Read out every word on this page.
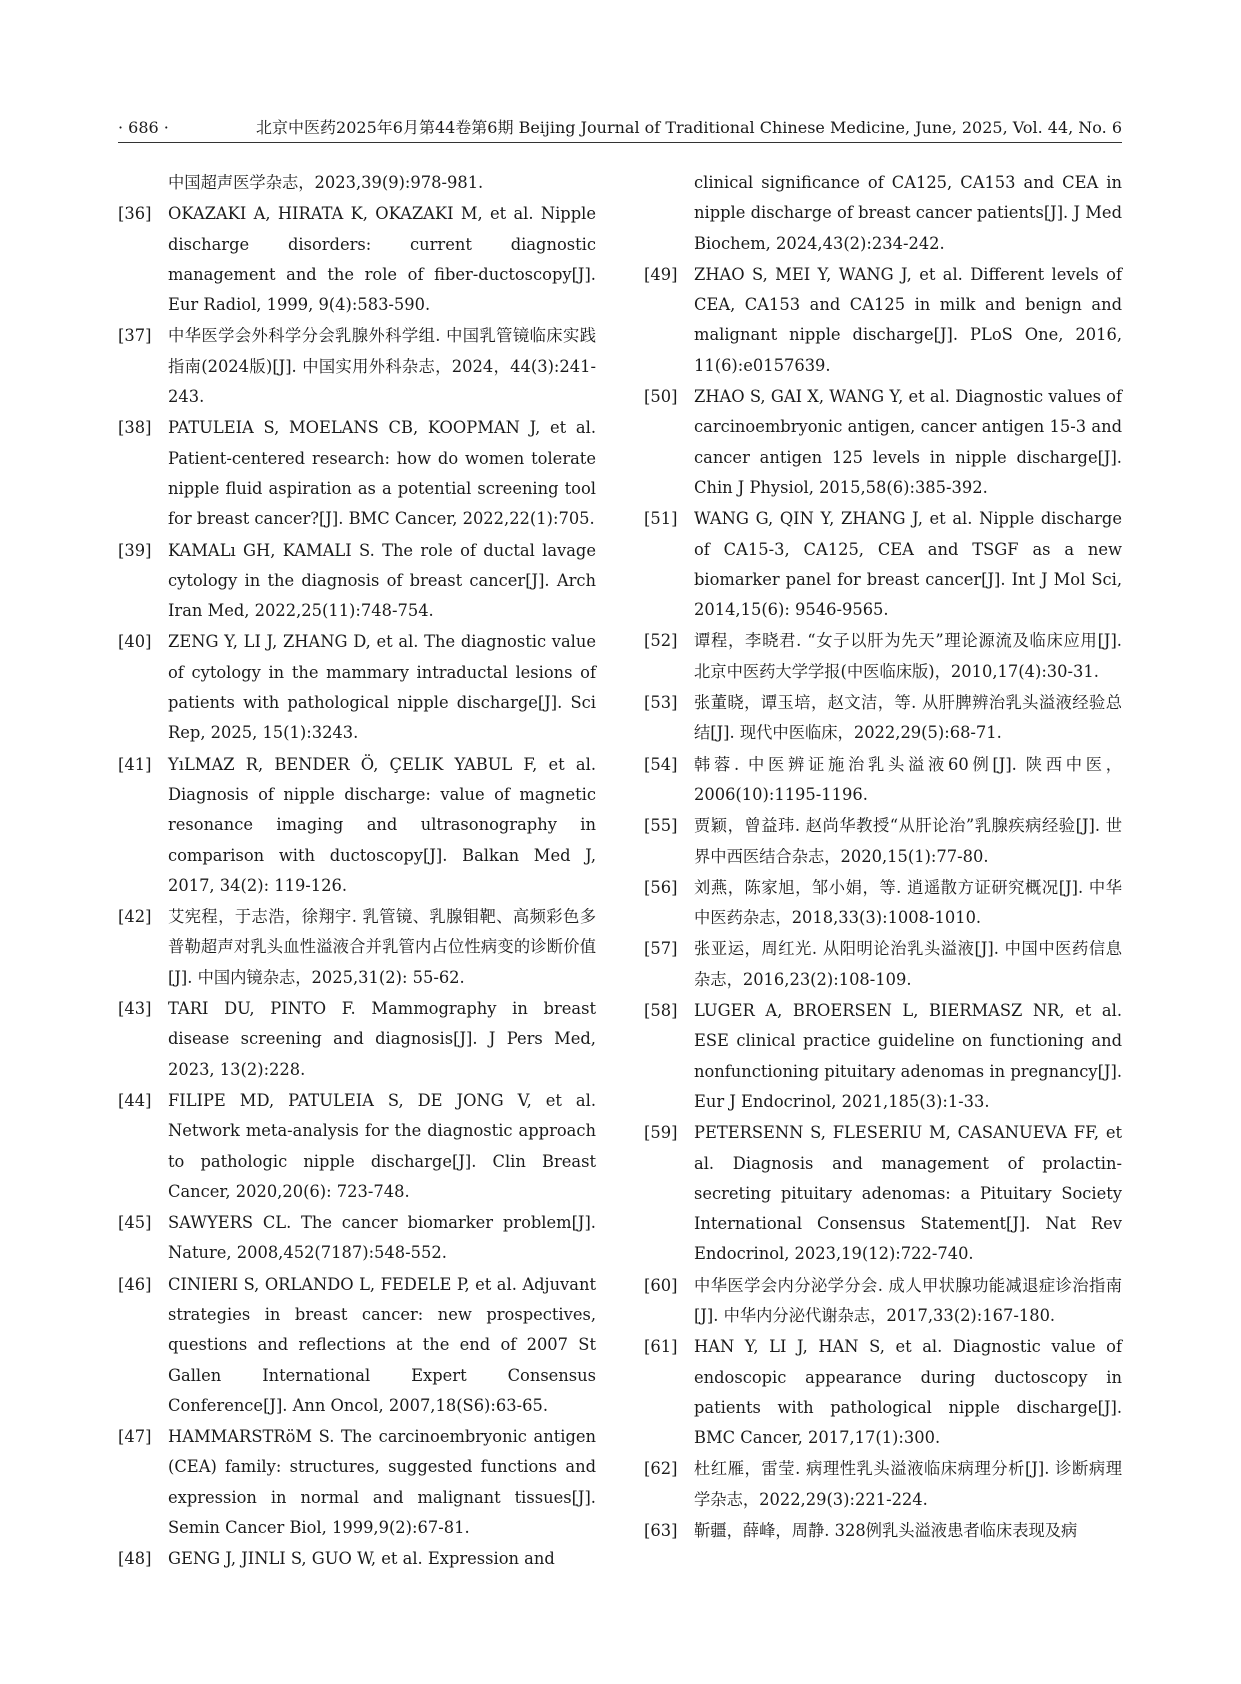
· 686 ·	北京中医药2025年6月第44卷第6期 Beijing Journal of Traditional Chinese Medicine, June, 2025, Vol. 44, No. 6
中国超声医学杂志，2023,39(9):978-981.
[36] OKAZAKI A, HIRATA K, OKAZAKI M, et al. Nipple discharge disorders: current diagnostic management and the role of fiber-ductoscopy[J]. Eur Radiol, 1999, 9(4):583-590.
[37] 中华医学会外科学分会乳腺外科学组. 中国乳管镜临床实践指南(2024版)[J]. 中国实用外科杂志，2024，44(3):241-243.
[38] PATULEIA S, MOELANS CB, KOOPMAN J, et al. Patient-centered research: how do women tolerate nipple fluid aspiration as a potential screening tool for breast cancer?[J]. BMC Cancer, 2022,22(1):705.
[39] KAMALı GH, KAMALI S. The role of ductal lavage cytology in the diagnosis of breast cancer[J]. Arch Iran Med, 2022,25(11):748-754.
[40] ZENG Y, LI J, ZHANG D, et al. The diagnostic value of cytology in the mammary intraductal lesions of patients with pathological nipple discharge[J]. Sci Rep, 2025, 15(1):3243.
[41] YıLMAZ R, BENDER Ö, ÇELIK YABUL F, et al. Diagnosis of nipple discharge: value of magnetic resonance imaging and ultrasonography in comparison with ductoscopy[J]. Balkan Med J, 2017, 34(2): 119-126.
[42] 艾宪程，于志浩，徐翔宇. 乳管镜、乳腺钼靶、高频彩色多普勒超声对乳头血性溢液合并乳管内占位性病变的诊断价值[J]. 中国内镜杂志，2025,31(2): 55-62.
[43] TARI DU, PINTO F. Mammography in breast disease screening and diagnosis[J]. J Pers Med, 2023, 13(2):228.
[44] FILIPE MD, PATULEIA S, DE JONG V, et al. Network meta-analysis for the diagnostic approach to pathologic nipple discharge[J]. Clin Breast Cancer, 2020,20(6): 723-748.
[45] SAWYERS CL. The cancer biomarker problem[J]. Nature, 2008,452(7187):548-552.
[46] CINIERI S, ORLANDO L, FEDELE P, et al. Adjuvant strategies in breast cancer: new prospectives, questions and reflections at the end of 2007 St Gallen International Expert Consensus Conference[J]. Ann Oncol, 2007,18(S6):63-65.
[47] HAMMARSTRöM S. The carcinoembryonic antigen (CEA) family: structures, suggested functions and expression in normal and malignant tissues[J]. Semin Cancer Biol, 1999,9(2):67-81.
[48] GENG J, JINLI S, GUO W, et al. Expression and
clinical significance of CA125, CA153 and CEA in nipple discharge of breast cancer patients[J]. J Med Biochem, 2024,43(2):234-242.
[49] ZHAO S, MEI Y, WANG J, et al. Different levels of CEA, CA153 and CA125 in milk and benign and malignant nipple discharge[J]. PLoS One, 2016, 11(6):e0157639.
[50] ZHAO S, GAI X, WANG Y, et al. Diagnostic values of carcinoembryonic antigen, cancer antigen 15-3 and cancer antigen 125 levels in nipple discharge[J]. Chin J Physiol, 2015,58(6):385-392.
[51] WANG G, QIN Y, ZHANG J, et al. Nipple discharge of CA15-3, CA125, CEA and TSGF as a new biomarker panel for breast cancer[J]. Int J Mol Sci, 2014,15(6): 9546-9565.
[52] 谭程，李晓君. “女子以肝为先天”理论源流及临床应用[J]. 北京中医药大学学报(中医临床版)，2010,17(4):30-31.
[53] 张董晓，谭玉培，赵文洁，等. 从肝脾辨治乳头溢液经验总结[J]. 现代中医临床，2022,29(5):68-71.
[54] 韩蓉. 中医辨证施治乳头溢液60例[J]. 陕西中医，2006(10):1195-1196.
[55] 贾颖，曾益玮. 赵尚华教授“从肝论治”乳腺疾病经验[J]. 世界中西医结合杂志，2020,15(1):77-80.
[56] 刘燕，陈家旭，邹小娟，等. 逍遥散方证研究概况[J]. 中华中医药杂志，2018,33(3):1008-1010.
[57] 张亚运，周红光. 从阳明论治乳头溢液[J]. 中国中医药信息杂志，2016,23(2):108-109.
[58] LUGER A, BROERSEN L, BIERMASZ NR, et al. ESE clinical practice guideline on functioning and nonfunctioning pituitary adenomas in pregnancy[J]. Eur J Endocrinol, 2021,185(3):1-33.
[59] PETERSENN S, FLESERIU M, CASANUEVA FF, et al. Diagnosis and management of prolactin-secreting pituitary adenomas: a Pituitary Society International Consensus Statement[J]. Nat Rev Endocrinol, 2023,19(12):722-740.
[60] 中华医学会内分泌学分会. 成人甲状腺功能减退症诊治指南[J]. 中华内分泌代谢杂志，2017,33(2):167-180.
[61] HAN Y, LI J, HAN S, et al. Diagnostic value of endoscopic appearance during ductoscopy in patients with pathological nipple discharge[J]. BMC Cancer, 2017,17(1):300.
[62] 杜红雁，雷莹. 病理性乳头溢液临床病理分析[J]. 诊断病理学杂志，2022,29(3):221-224.
[63] 靳疆，薛峰，周静. 328例乳头溢液患者临床表现及病
